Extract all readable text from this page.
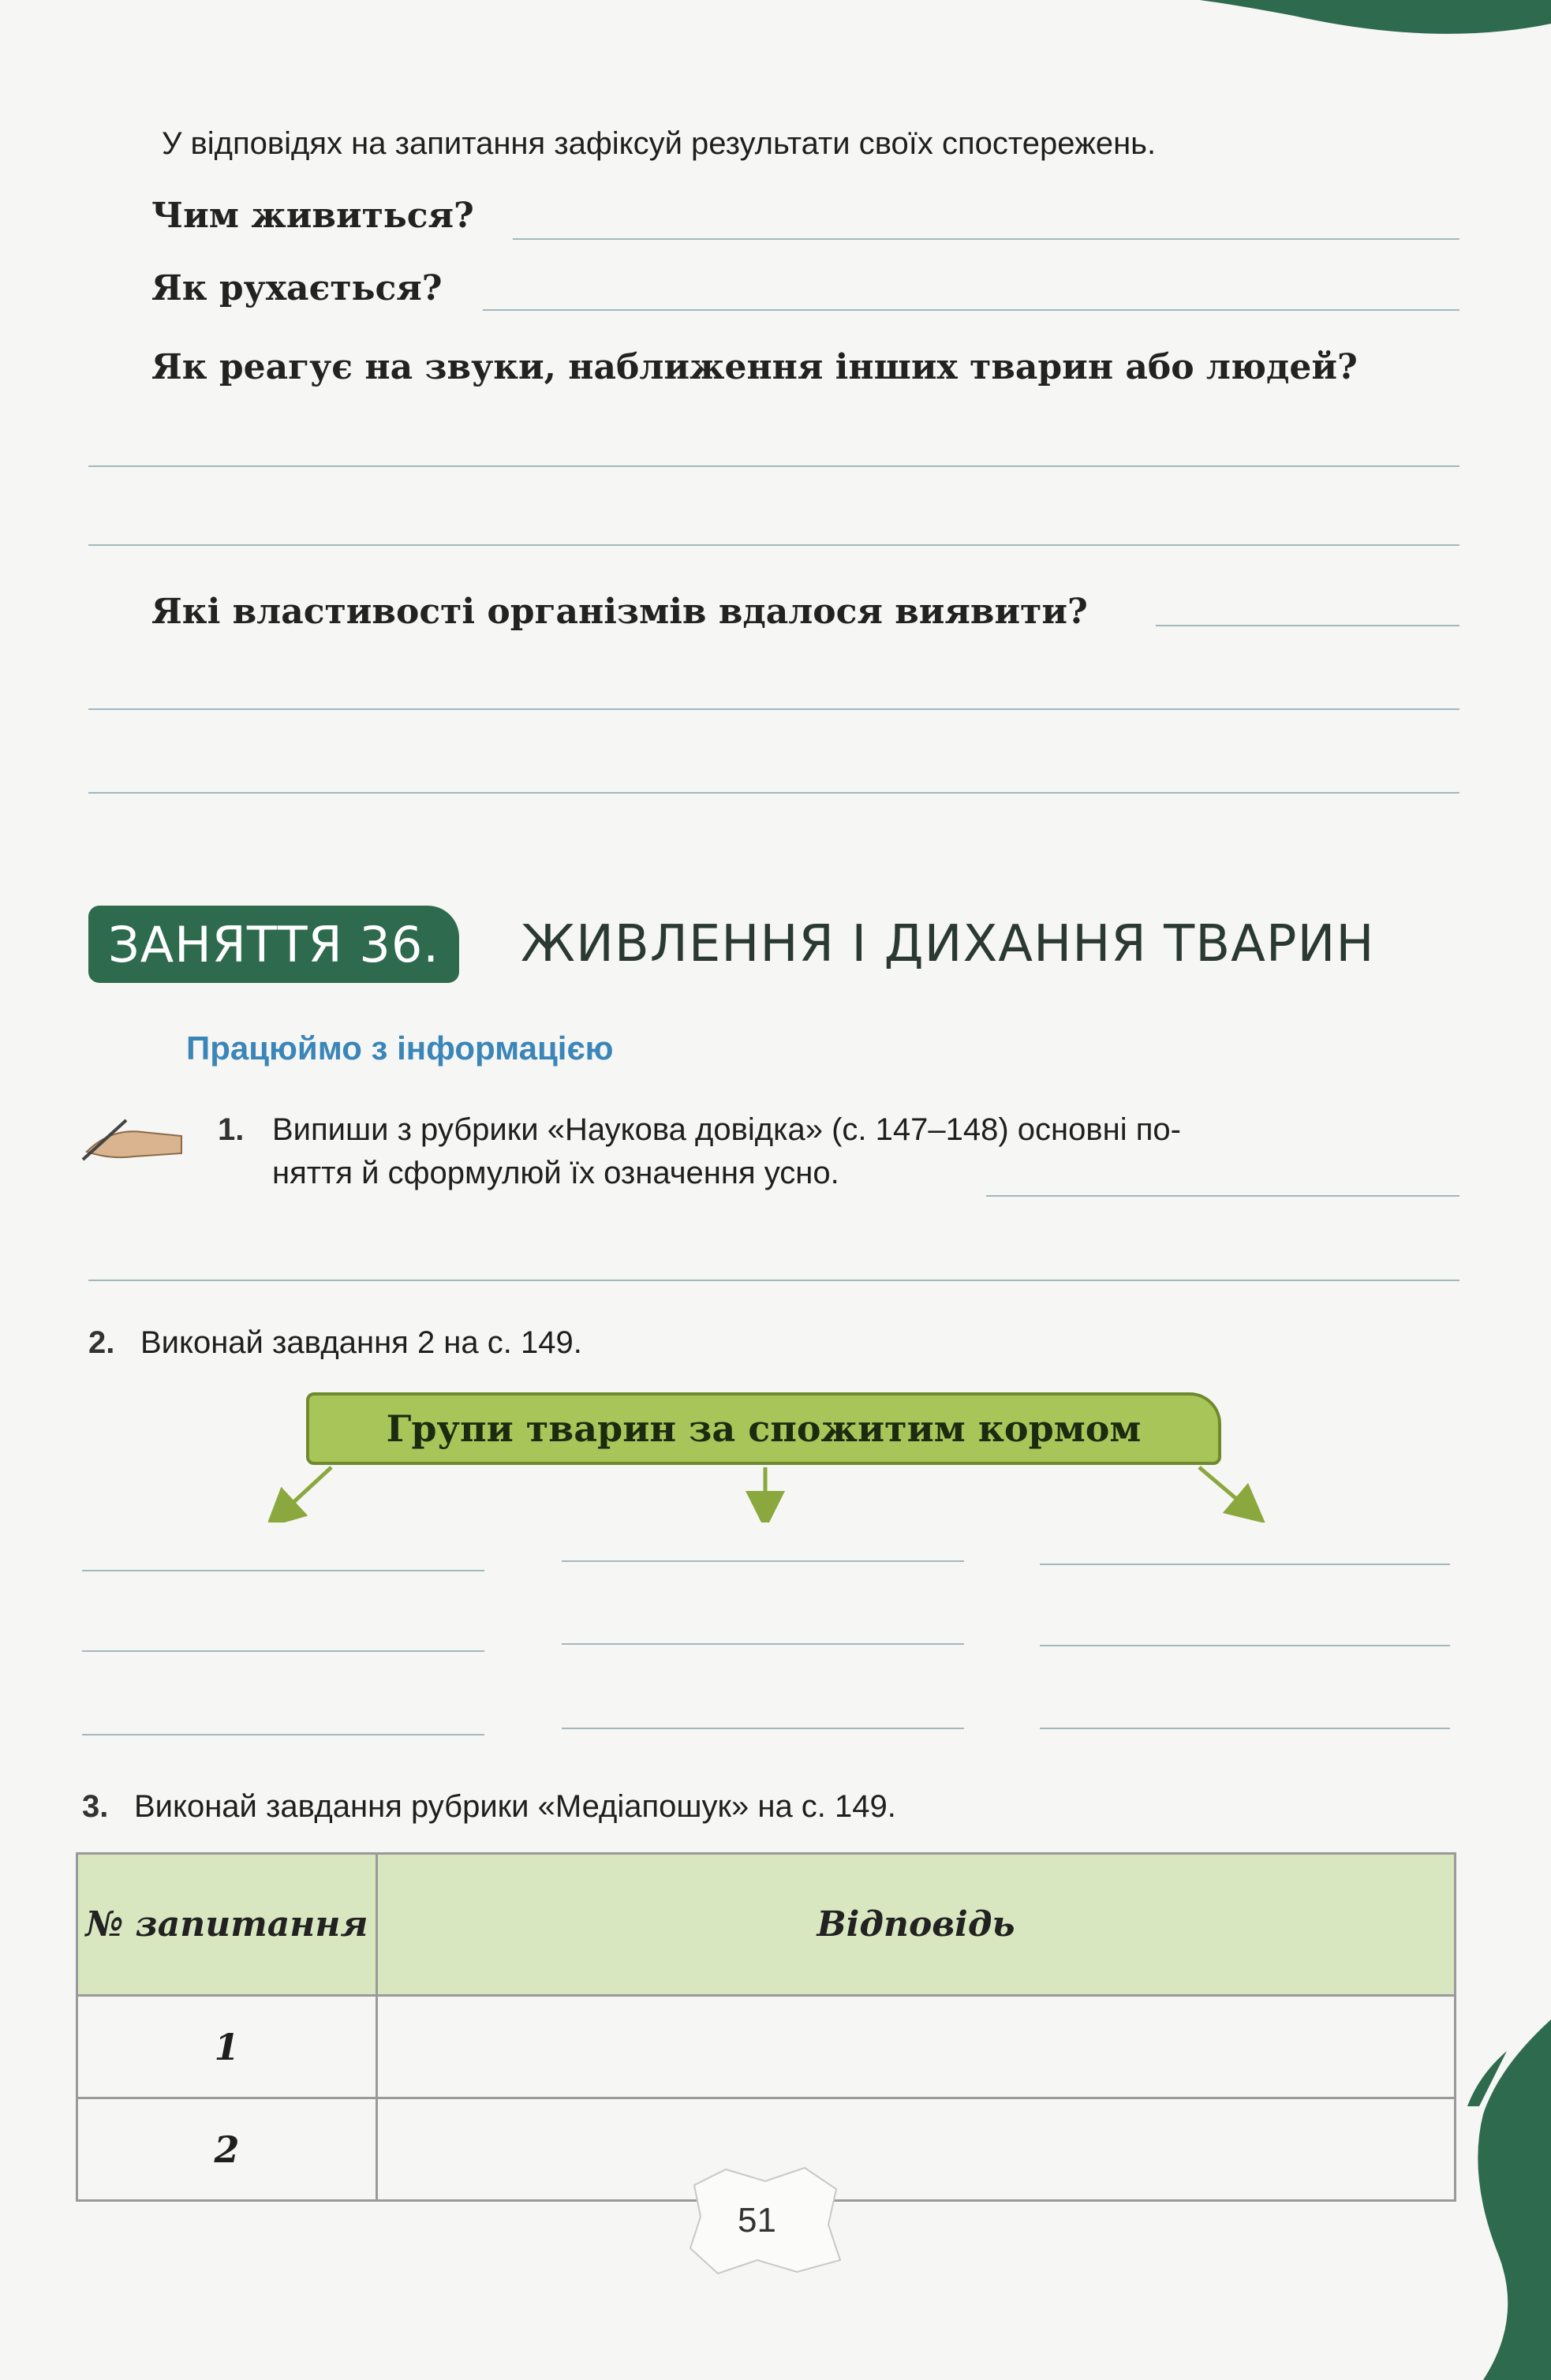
У відповідях на запитання зафіксуй результати своїх спостережень.
Чим живиться?
Як рухається?
Як реагує на звуки, наближення інших тварин або людей?
Які властивості організмів вдалося виявити?
ЗАНЯТТЯ 36.	ЖИВЛЕННЯ І ДИХАННЯ ТВАРИН
Працюймо з інформацією
1. Випиши з рубрики «Наукова довідка» (с. 147–148) основні по-
няття й сформулюй їх означення усно.
2. Виконай завдання 2 на с. 149.
Групи тварин за спожитим кормом
3. Виконай завдання рубрики «Медіапошук» на с. 149.
№ запитання	Відповідь
1	
2	
51
